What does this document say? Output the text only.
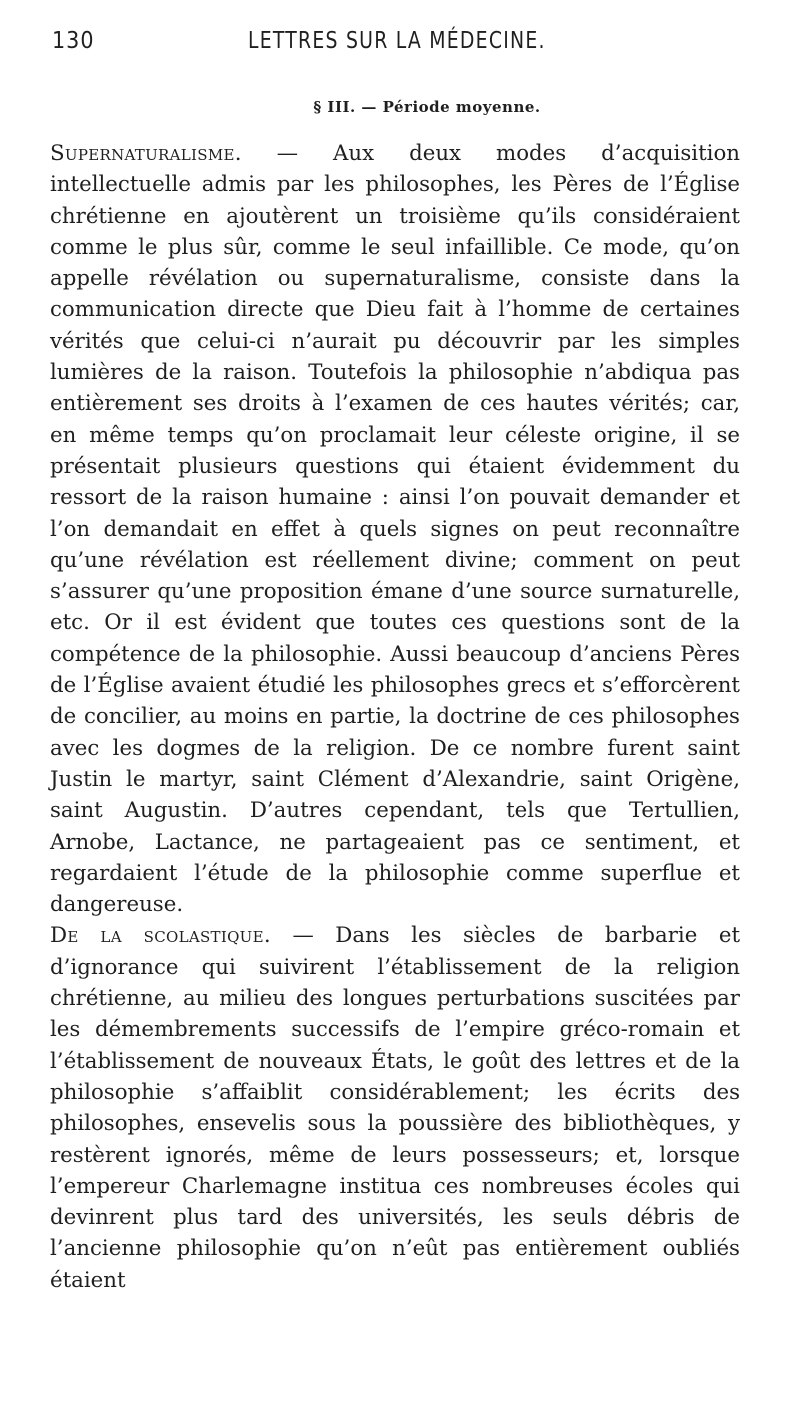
130	LETTRES SUR LA MÉDECINE.
§ III. — Période moyenne.

Supernaturalisme. — Aux deux modes d’acquisition intellectuelle admis par les philosophes, les Pères de l’Église chrétienne en ajoutèrent un troisième qu’ils considéraient comme le plus sûr, comme le seul infaillible. Ce mode, qu’on appelle révélation ou supernaturalisme, consiste dans la communication directe que Dieu fait à l’homme de certaines vérités que celui-ci n’aurait pu découvrir par les simples lumières de la raison. Toutefois la philosophie n’abdiqua pas entièrement ses droits à l’examen de ces hautes vérités; car, en même temps qu’on proclamait leur céleste origine, il se présentait plusieurs questions qui étaient évidemment du ressort de la raison humaine : ainsi l’on pouvait demander et l’on demandait en effet à quels signes on peut reconnaître qu’une révélation est réellement divine; comment on peut s’assurer qu’une proposition émane d’une source surnaturelle, etc. Or il est évident que toutes ces questions sont de la compétence de la philosophie. Aussi beaucoup d’anciens Pères de l’Église avaient étudié les philosophes grecs et s’efforcèrent de concilier, au moins en partie, la doctrine de ces philosophes avec les dogmes de la religion. De ce nombre furent saint Justin le martyr, saint Clément d’Alexandrie, saint Origène, saint Augustin. D’autres cependant, tels que Tertullien, Arnobe, Lactance, ne partageaient pas ce sentiment, et regardaient l’étude de la philosophie comme superflue et dangereuse.

De la scolastique. — Dans les siècles de barbarie et d’ignorance qui suivirent l’établissement de la religion chrétienne, au milieu des longues perturbations suscitées par les démembrements successifs de l’empire gréco-romain et l’établissement de nouveaux États, le goût des lettres et de la philosophie s’affaiblit considérablement; les écrits des philosophes, ensevelis sous la poussière des bibliothèques, y restèrent ignorés, même de leurs possesseurs; et, lorsque l’empereur Charlemagne institua ces nombreuses écoles qui devinrent plus tard des universités, les seuls débris de l’ancienne philosophie qu’on n’eût pas entièrement oubliés étaient
